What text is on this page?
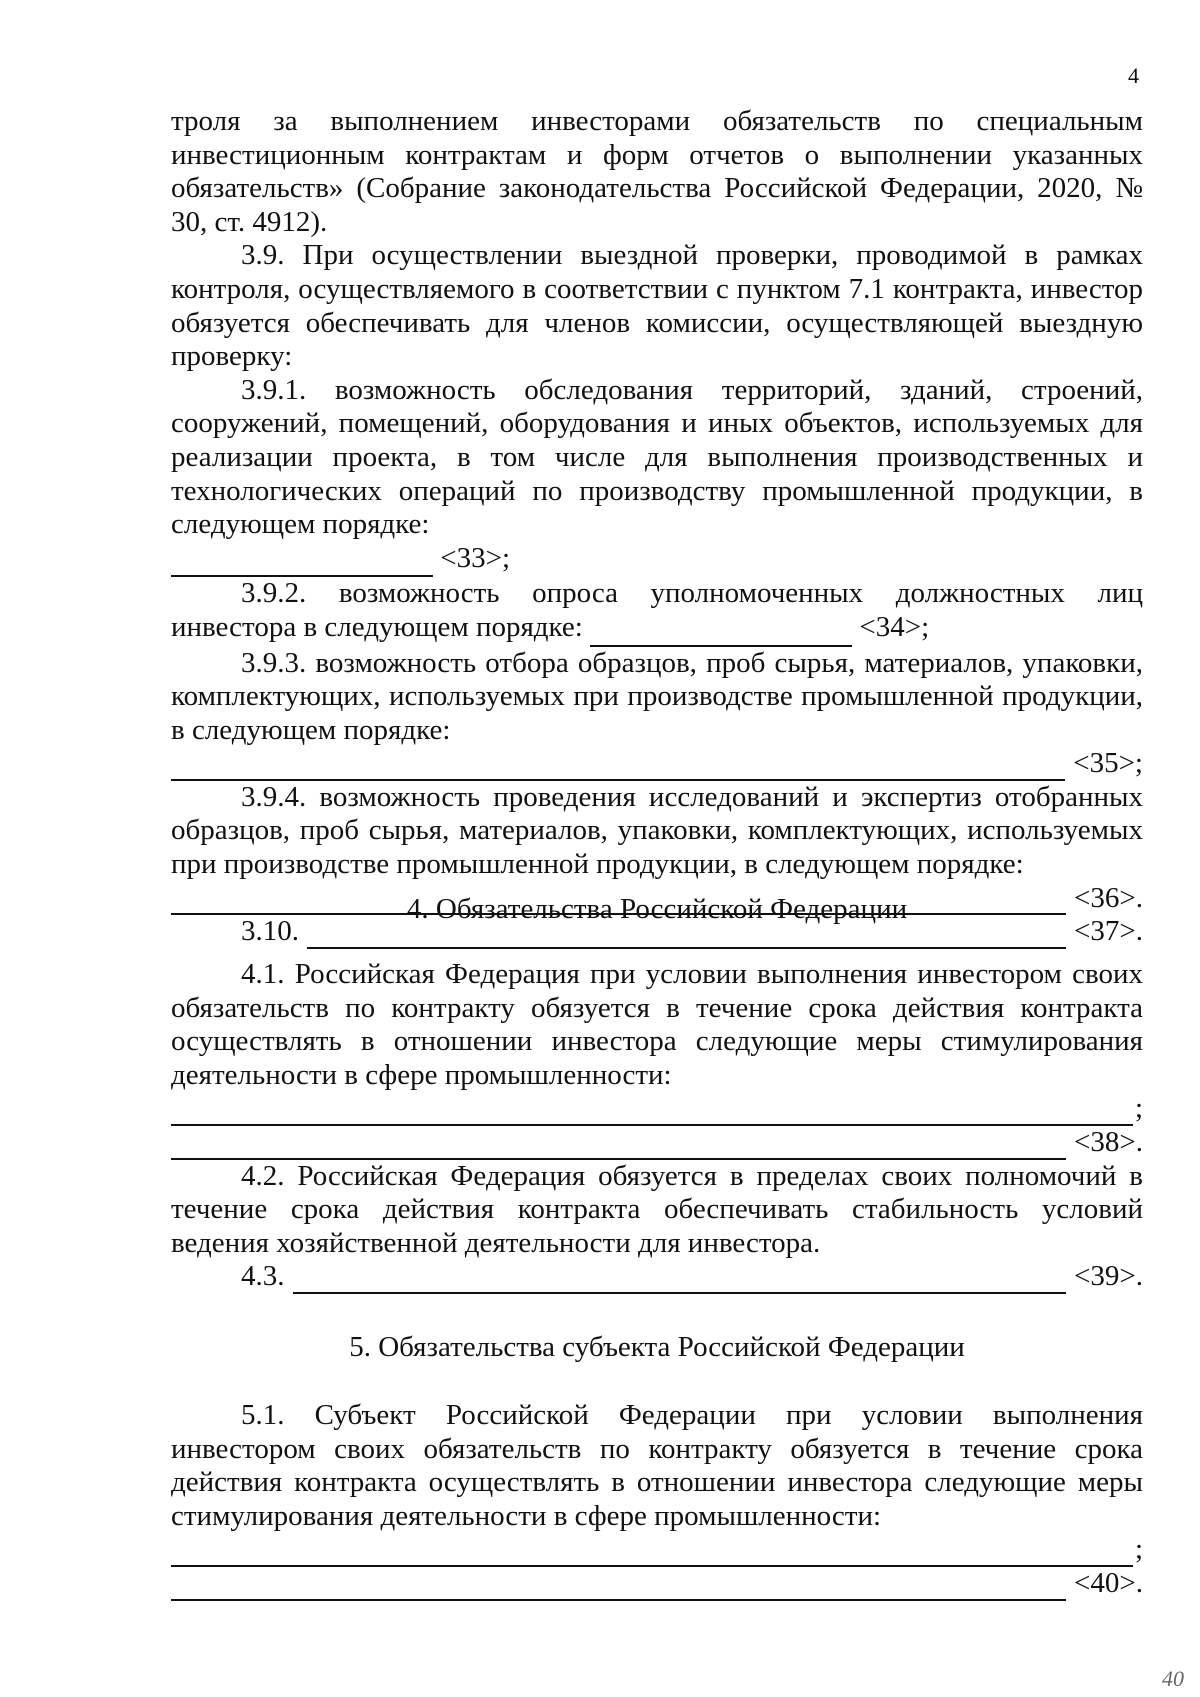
4

троля за выполнением инвесторами обязательств по специальным инвестиционным контрактам и форм отчетов о выполнении указанных обязательств» (Собрание законодательства Российской Федерации, 2020, № 30, ст. 4912).

3.9. При осуществлении выездной проверки, проводимой в рамках контроля, осуществляемого в соответствии с пунктом 7.1 контракта, инвестор обязуется обеспечивать для членов комиссии, осуществляющей выездную проверку:

3.9.1. возможность обследования территорий, зданий, строений, сооружений, помещений, оборудования и иных объектов, используемых для реализации проекта, в том числе для выполнения производственных и технологических операций по производству промышленной продукции, в следующем порядке:

<33>;

3.9.2. возможность опроса уполномоченных должностных лиц инвестора в следующем порядке:	<34>;

3.9.3. возможность отбора образцов, проб сырья, материалов, упаковки, комплектующих, используемых при производстве промышленной продукции, в следующем порядке:

<35>;

3.9.4. возможность проведения исследований и экспертиз отобранных образцов, проб сырья, материалов, упаковки, комплектующих, используемых при производстве промышленной продукции, в следующем порядке:

<36>.
3.10.	<37>.
4. Обязательства Российской Федерации

4.1. Российская Федерация при условии выполнения инвестором своих обязательств по контракту обязуется в течение срока действия контракта осуществлять в отношении инвестора следующие меры стимулирования деятельности в сфере промышленности:

;
<38>.

4.2. Российская Федерация обязуется в пределах своих полномочий в течение срока действия контракта обеспечивать стабильность условий ведения хозяйственной деятельности для инвестора.

4.3.	<39>.
5. Обязательства субъекта Российской Федерации

5.1. Субъект Российской Федерации при условии выполнения инвестором своих обязательств по контракту обязуется в течение срока действия контракта осуществлять в отношении инвестора следующие меры стимулирования деятельности в сфере промышленности:

;
<40>.
40
